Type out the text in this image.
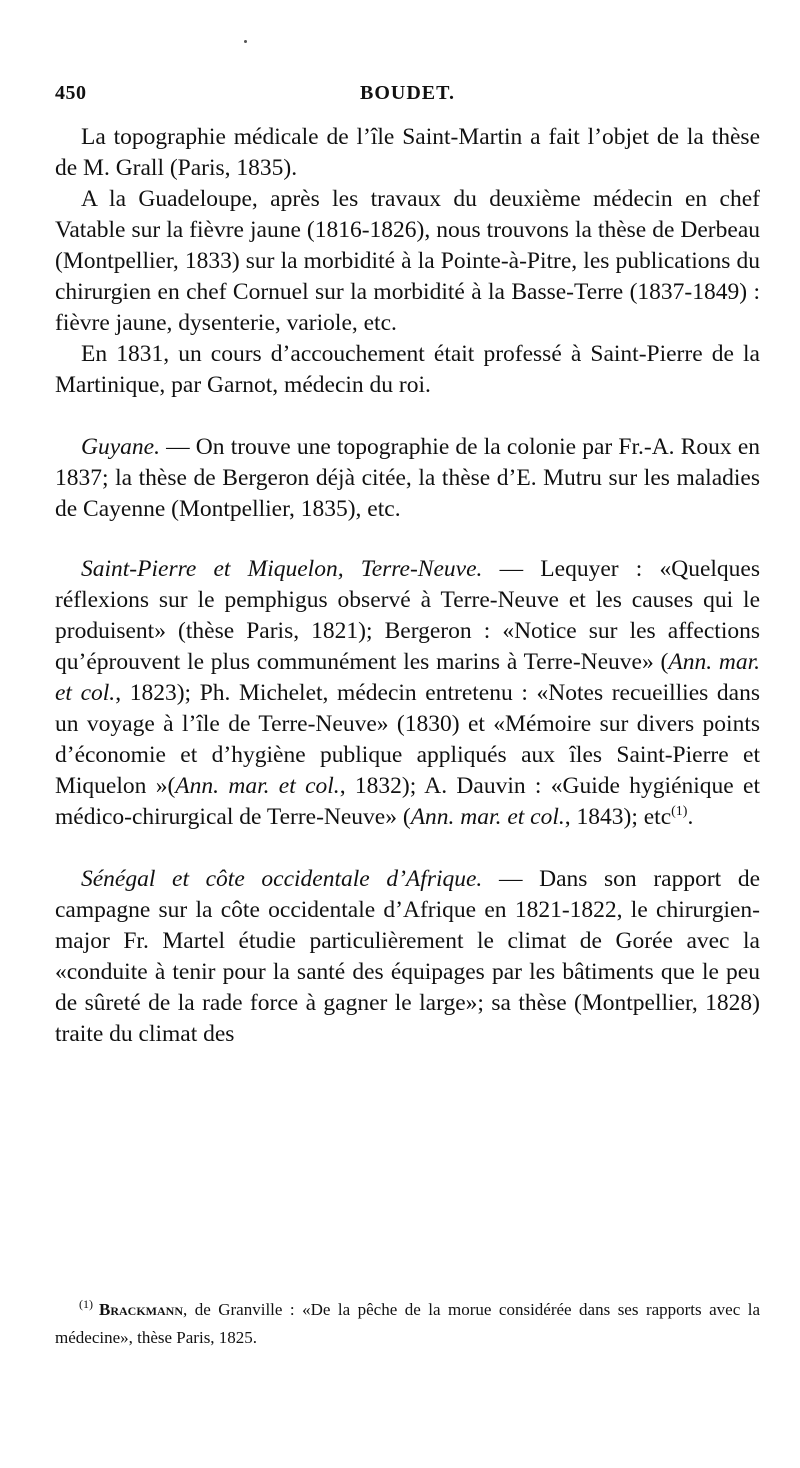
450	BOUDET.

La topographie médicale de l’île Saint-Martin a fait l’objet de la thèse de M. Grall (Paris, 1835).

A la Guadeloupe, après les travaux du deuxième médecin en chef Vatable sur la fièvre jaune (1816-1826), nous trouvons la thèse de Derbeau (Montpellier, 1833) sur la morbidité à la Pointe-à-Pitre, les publications du chirurgien en chef Cornuel sur la morbidité à la Basse-Terre (1837-1849) : fièvre jaune, dysenterie, variole, etc.

En 1831, un cours d’accouchement était professé à Saint-Pierre de la Martinique, par Garnot, médecin du roi.

Guyane. — On trouve une topographie de la colonie par Fr.-A. Roux en 1837; la thèse de Bergeron déjà citée, la thèse d’E. Mutru sur les maladies de Cayenne (Montpellier, 1835), etc.

Saint-Pierre et Miquelon, Terre-Neuve. — Lequyer : «Quelques réflexions sur le pemphigus observé à Terre-Neuve et les causes qui le produisent» (thèse Paris, 1821); Bergeron : «Notice sur les affections qu’éprouvent le plus communément les marins à Terre-Neuve» (Ann. mar. et col., 1823); Ph. Michelet, médecin entretenu : «Notes recueillies dans un voyage à l’île de Terre-Neuve» (1830) et «Mémoire sur divers points d’économie et d’hygiène publique appliqués aux îles Saint-Pierre et Miquelon »(Ann. mar. et col., 1832); A. Dauvin : «Guide hygiénique et médico-chirurgical de Terre-Neuve» (Ann. mar. et col., 1843); etc$^{(1)}$.

Sénégal et côte occidentale d’Afrique. — Dans son rapport de campagne sur la côte occidentale d’Afrique en 1821-1822, le chirurgien-major Fr. Martel étudie particulièrement le climat de Gorée avec la «conduite à tenir pour la santé des équipages par les bâtiments que le peu de sûreté de la rade force à gagner le large»; sa thèse (Montpellier, 1828) traite du climat des

$^{(1)}$ Brackmann, de Granville : «De la pêche de la morue considérée dans ses rapports avec la médecine», thèse Paris, 1825.
